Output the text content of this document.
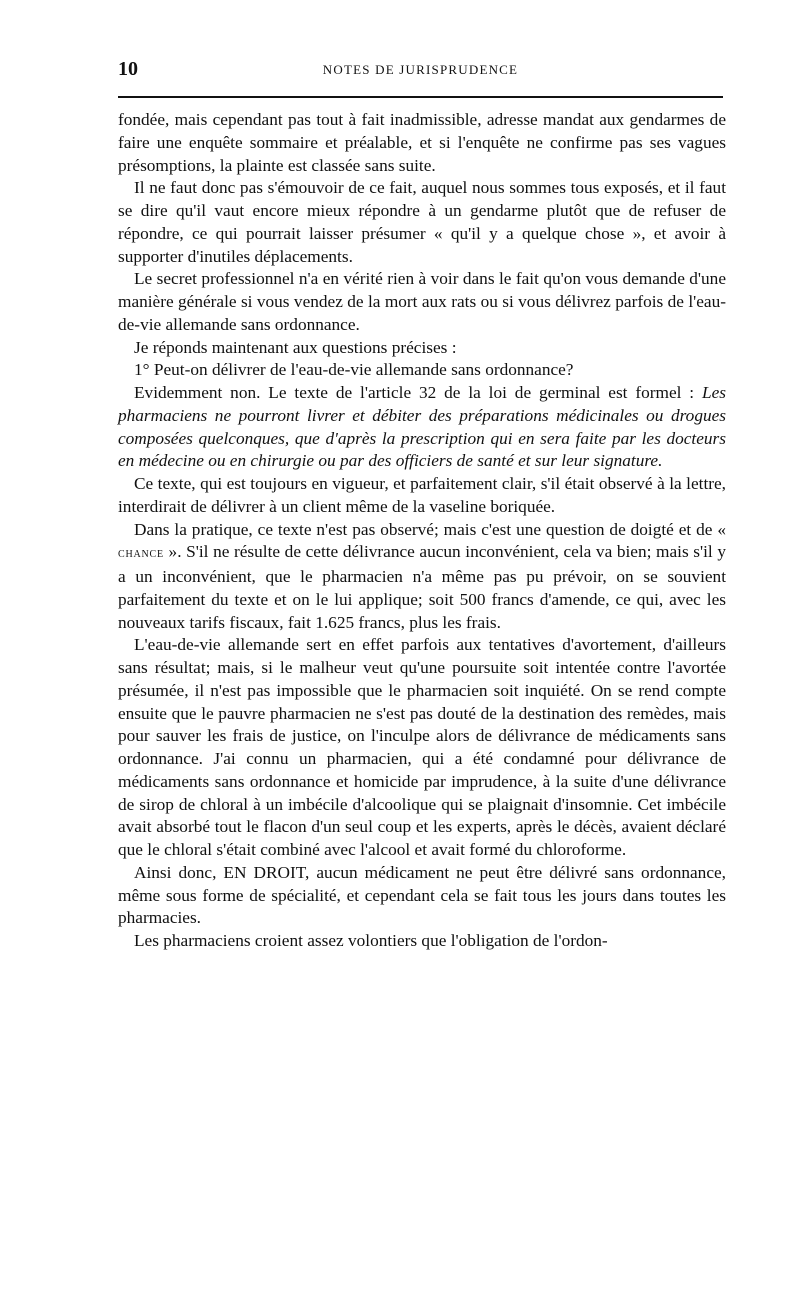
10	NOTES DE JURISPRUDENCE

fondée, mais cependant pas tout à fait inadmissible, adresse mandat aux gendarmes de faire une enquête sommaire et préalable, et si l'enquête ne confirme pas ses vagues présomptions, la plainte est classée sans suite.

Il ne faut donc pas s'émouvoir de ce fait, auquel nous sommes tous exposés, et il faut se dire qu'il vaut encore mieux répondre à un gendarme plutôt que de refuser de répondre, ce qui pourrait laisser présumer « qu'il y a quelque chose », et avoir à supporter d'inutiles déplacements.

Le secret professionnel n'a en vérité rien à voir dans le fait qu'on vous demande d'une manière générale si vous vendez de la mort aux rats ou si vous délivrez parfois de l'eau-de-vie allemande sans ordonnance.

Je réponds maintenant aux questions précises :

1° Peut-on délivrer de l'eau-de-vie allemande sans ordonnance?

Evidemment non. Le texte de l'article 32 de la loi de germinal est formel : Les pharmaciens ne pourront livrer et débiter des préparations médicinales ou drogues composées quelconques, que d'après la prescription qui en sera faite par les docteurs en médecine ou en chirurgie ou par des officiers de santé et sur leur signature.

Ce texte, qui est toujours en vigueur, et parfaitement clair, s'il était observé à la lettre, interdirait de délivrer à un client même de la vaseline boriquée.

Dans la pratique, ce texte n'est pas observé; mais c'est une question de doigté et de « chance ». S'il ne résulte de cette délivrance aucun inconvénient, cela va bien; mais s'il y a un inconvénient, que le pharmacien n'a même pas pu prévoir, on se souvient parfaitement du texte et on le lui applique; soit 500 francs d'amende, ce qui, avec les nouveaux tarifs fiscaux, fait 1.625 francs, plus les frais.

L'eau-de-vie allemande sert en effet parfois aux tentatives d'avortement, d'ailleurs sans résultat; mais, si le malheur veut qu'une poursuite soit intentée contre l'avortée présumée, il n'est pas impossible que le pharmacien soit inquiété. On se rend compte ensuite que le pauvre pharmacien ne s'est pas douté de la destination des remèdes, mais pour sauver les frais de justice, on l'inculpe alors de délivrance de médicaments sans ordonnance. J'ai connu un pharmacien, qui a été condamné pour délivrance de médicaments sans ordonnance et homicide par imprudence, à la suite d'une délivrance de sirop de chloral à un imbécile d'alcoolique qui se plaignait d'insomnie. Cet imbécile avait absorbé tout le flacon d'un seul coup et les experts, après le décès, avaient déclaré que le chloral s'était combiné avec l'alcool et avait formé du chloroforme.

Ainsi donc, EN DROIT, aucun médicament ne peut être délivré sans ordonnance, même sous forme de spécialité, et cependant cela se fait tous les jours dans toutes les pharmacies.

Les pharmaciens croient assez volontiers que l'obligation de l'ordon-
